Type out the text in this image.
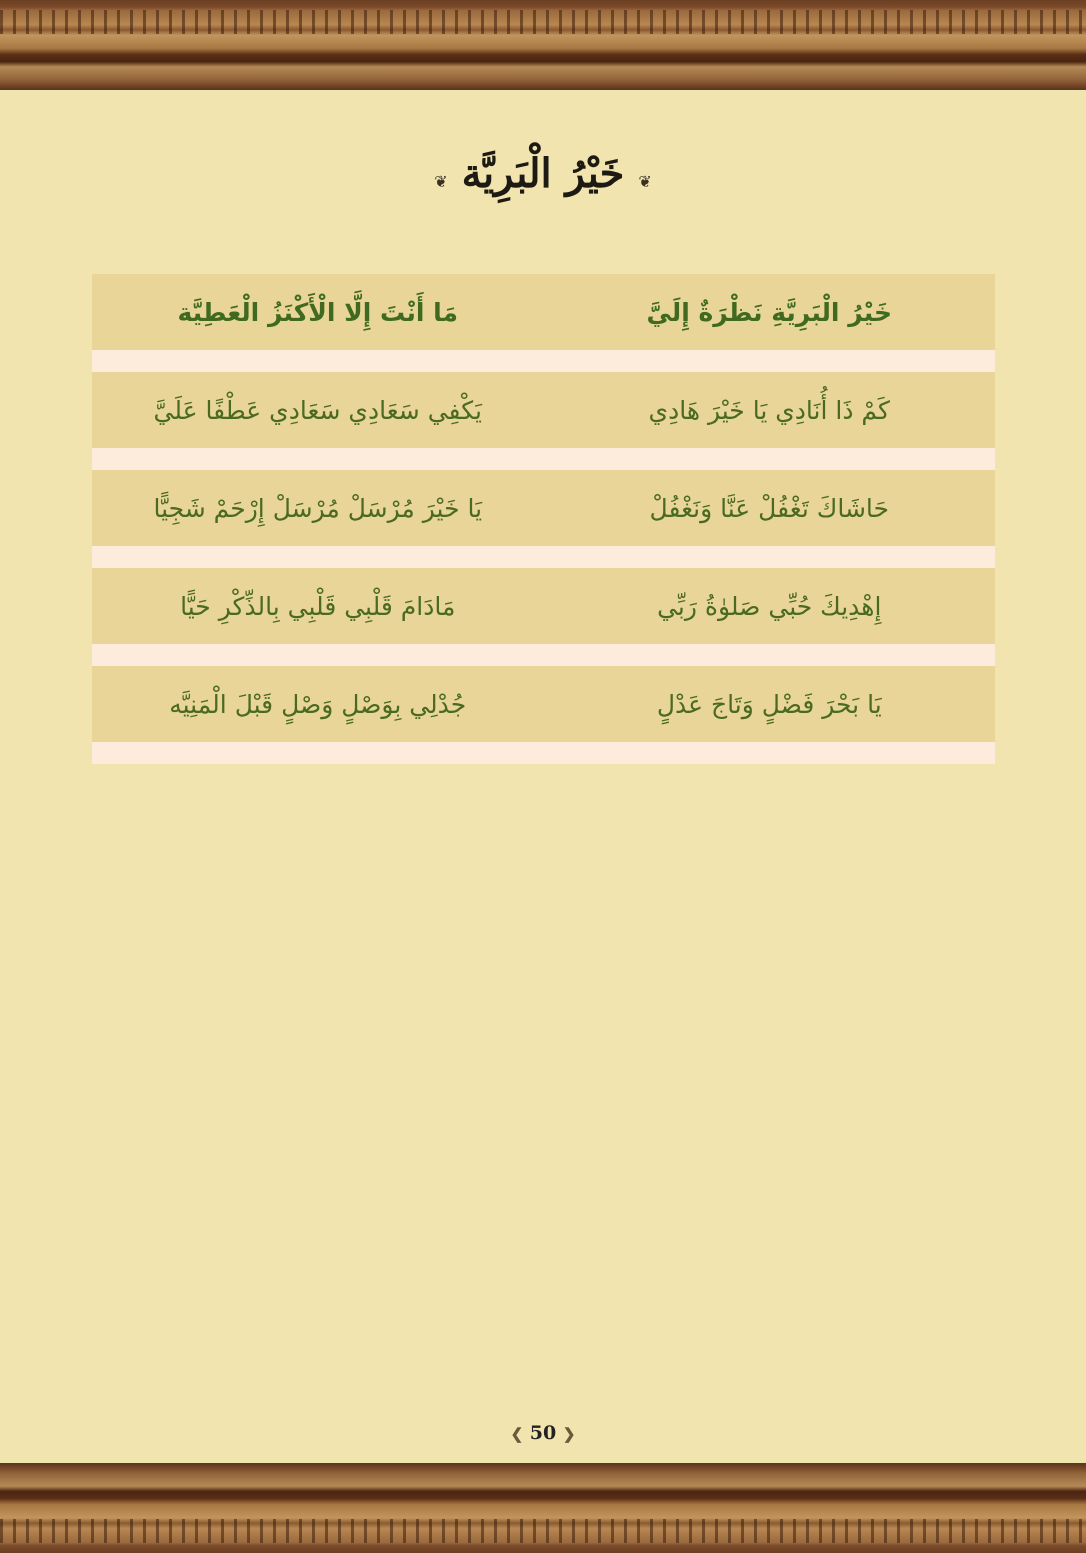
❦ خَيْرُ الْبَرِيَّة ❦
خَيْرُ الْبَرِيَّةِ نَظْرَةٌ إِلَيَّ
مَا أَنْتَ إِلَّا الْأَكْنَزُ الْعَطِيَّة
كَمْ ذَا أُنَادِي يَا خَيْرَ هَادِي
يَكْفِي سَعَادِي سَعَادِي عَطْفًا عَلَيَّ
حَاشَاكَ تَغْفُلْ عَنَّا وَنَغْفُلْ
يَا خَيْرَ مُرْسَلْ مُرْسَلْ إِرْحَمْ شَجِيًّا
إِهْدِيكَ حُبِّي صَلوٰةُ رَبِّي
مَادَامَ قَلْبِي قَلْبِي بِالذِّكْرِ حَيًّا
يَا بَحْرَ فَضْلٍ وَتَاجَ عَدْلٍ
جُدْلِي بِوَصْلٍ وَصْلٍ قَبْلَ الْمَنِيَّه
❮ 50 ❯
